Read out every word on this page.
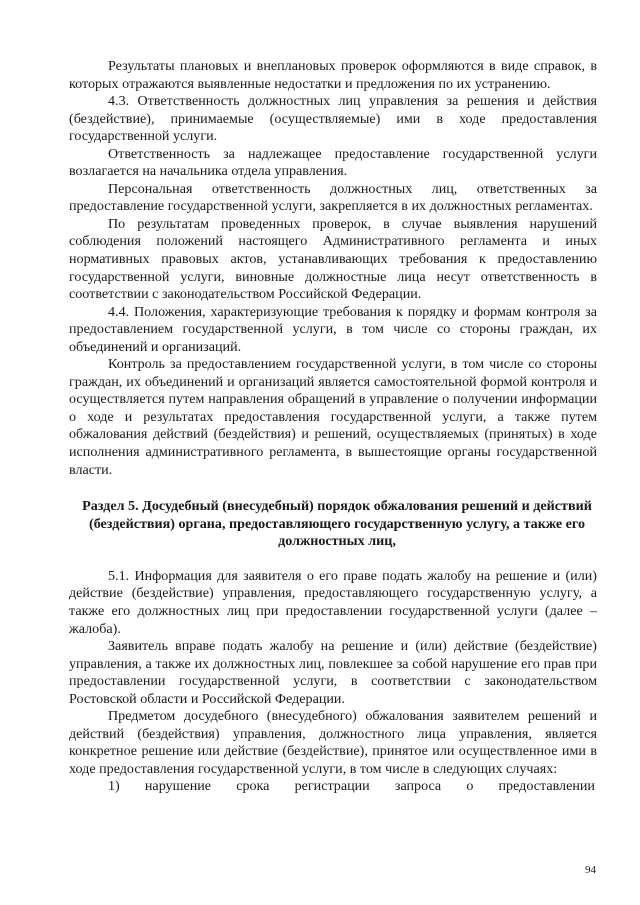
Результаты плановых и внеплановых проверок оформляются в виде справок, в которых отражаются выявленные недостатки и предложения по их устранению.

4.3. Ответственность должностных лиц управления за решения и действия (бездействие), принимаемые (осуществляемые) ими в ходе предоставления государственной услуги.

Ответственность за надлежащее предоставление государственной услуги возлагается на начальника отдела управления.

Персональная ответственность должностных лиц, ответственных за предоставление государственной услуги, закрепляется в их должностных регламентах.

По результатам проведенных проверок, в случае выявления нарушений соблюдения положений настоящего Административного регламента и иных нормативных правовых актов, устанавливающих требования к предоставлению государственной услуги, виновные должностные лица несут ответственность в соответствии с законодательством Российской Федерации.

4.4. Положения, характеризующие требования к порядку и формам контроля за предоставлением государственной услуги, в том числе со стороны граждан, их объединений и организаций.

Контроль за предоставлением государственной услуги, в том числе со стороны граждан, их объединений и организаций является самостоятельной формой контроля и осуществляется путем направления обращений в управление о получении информации о ходе и результатах предоставления государственной услуги, а также путем обжалования действий (бездействия) и решений, осуществляемых (принятых) в ходе исполнения административного регламента, в вышестоящие органы государственной власти.

Раздел 5. Досудебный (внесудебный) порядок обжалования решений и действий (бездействия) органа, предоставляющего государственную услугу, а также его должностных лиц,

5.1. Информация для заявителя о его праве подать жалобу на решение и (или) действие (бездействие) управления, предоставляющего государственную услугу, а также его должностных лиц при предоставлении государственной услуги (далее – жалоба).

Заявитель вправе подать жалобу на решение и (или) действие (бездействие) управления, а также их должностных лиц, повлекшее за собой нарушение его прав при предоставлении государственной услуги, в соответствии с законодательством Ростовской области и Российской Федерации.

Предметом досудебного (внесудебного) обжалования заявителем решений и действий (бездействия) управления, должностного лица управления, является конкретное решение или действие (бездействие), принятое или осуществленное ими в ходе предоставления государственной услуги, в том числе в следующих случаях:

1) нарушение срока регистрации запроса о предоставлении

94
